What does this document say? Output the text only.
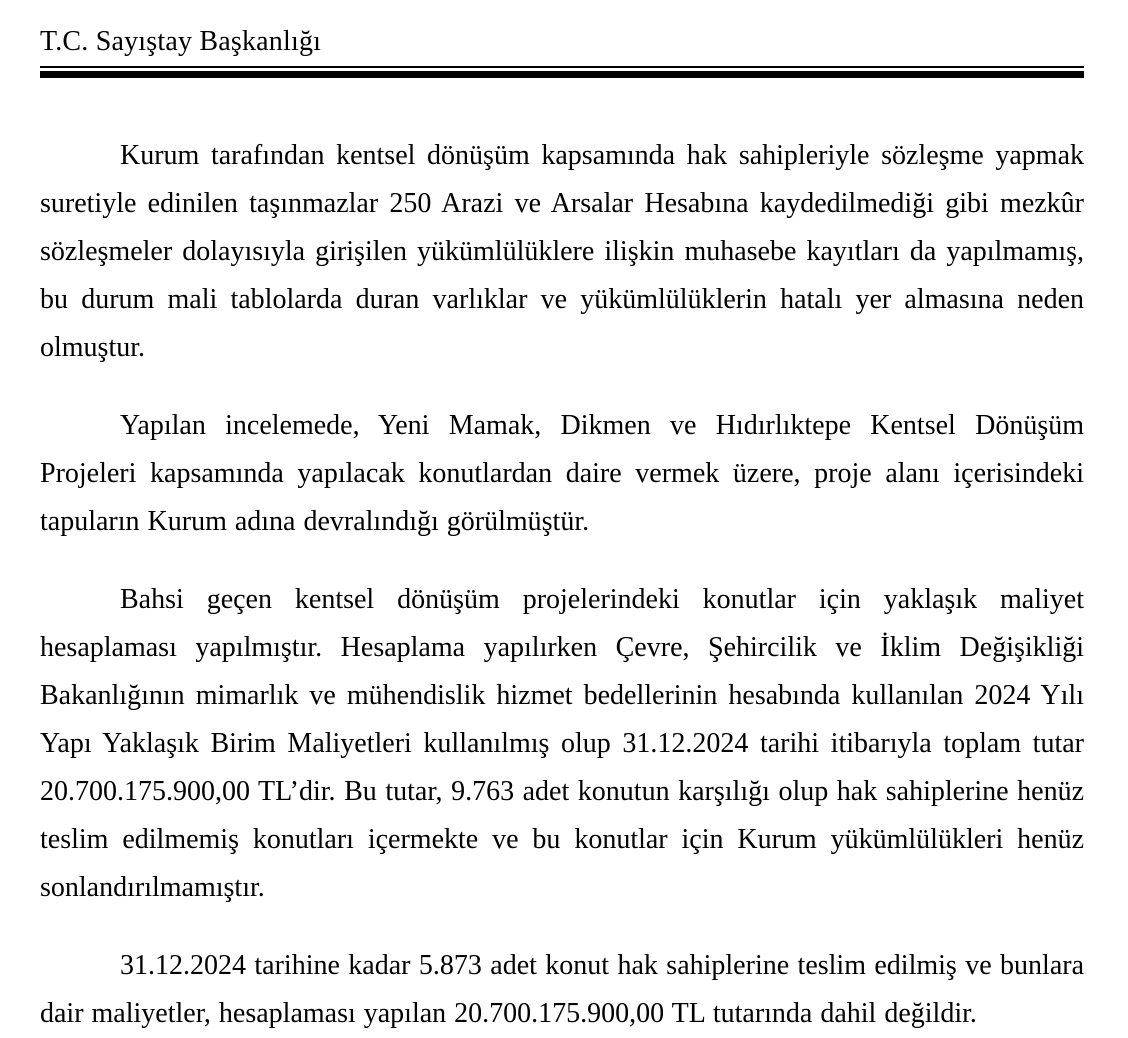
T.C. Sayıştay Başkanlığı

Kurum tarafından kentsel dönüşüm kapsamında hak sahipleriyle sözleşme yapmak suretiyle edinilen taşınmazlar 250 Arazi ve Arsalar Hesabına kaydedilmediği gibi mezkûr sözleşmeler dolayısıyla girişilen yükümlülüklere ilişkin muhasebe kayıtları da yapılmamış, bu durum mali tablolarda duran varlıklar ve yükümlülüklerin hatalı yer almasına neden olmuştur.

Yapılan incelemede, Yeni Mamak, Dikmen ve Hıdırlıktepe Kentsel Dönüşüm Projeleri kapsamında yapılacak konutlardan daire vermek üzere, proje alanı içerisindeki tapuların Kurum adına devralındığı görülmüştür.

Bahsi geçen kentsel dönüşüm projelerindeki konutlar için yaklaşık maliyet hesaplaması yapılmıştır. Hesaplama yapılırken Çevre, Şehircilik ve İklim Değişikliği Bakanlığının mimarlık ve mühendislik hizmet bedellerinin hesabında kullanılan 2024 Yılı Yapı Yaklaşık Birim Maliyetleri kullanılmış olup 31.12.2024 tarihi itibarıyla toplam tutar 20.700.175.900,00 TL’dir. Bu tutar, 9.763 adet konutun karşılığı olup hak sahiplerine henüz teslim edilmemiş konutları içermekte ve bu konutlar için Kurum yükümlülükleri henüz sonlandırılmamıştır.

31.12.2024 tarihine kadar 5.873 adet konut hak sahiplerine teslim edilmiş ve bunlara dair maliyetler, hesaplaması yapılan 20.700.175.900,00 TL tutarında dahil değildir.
